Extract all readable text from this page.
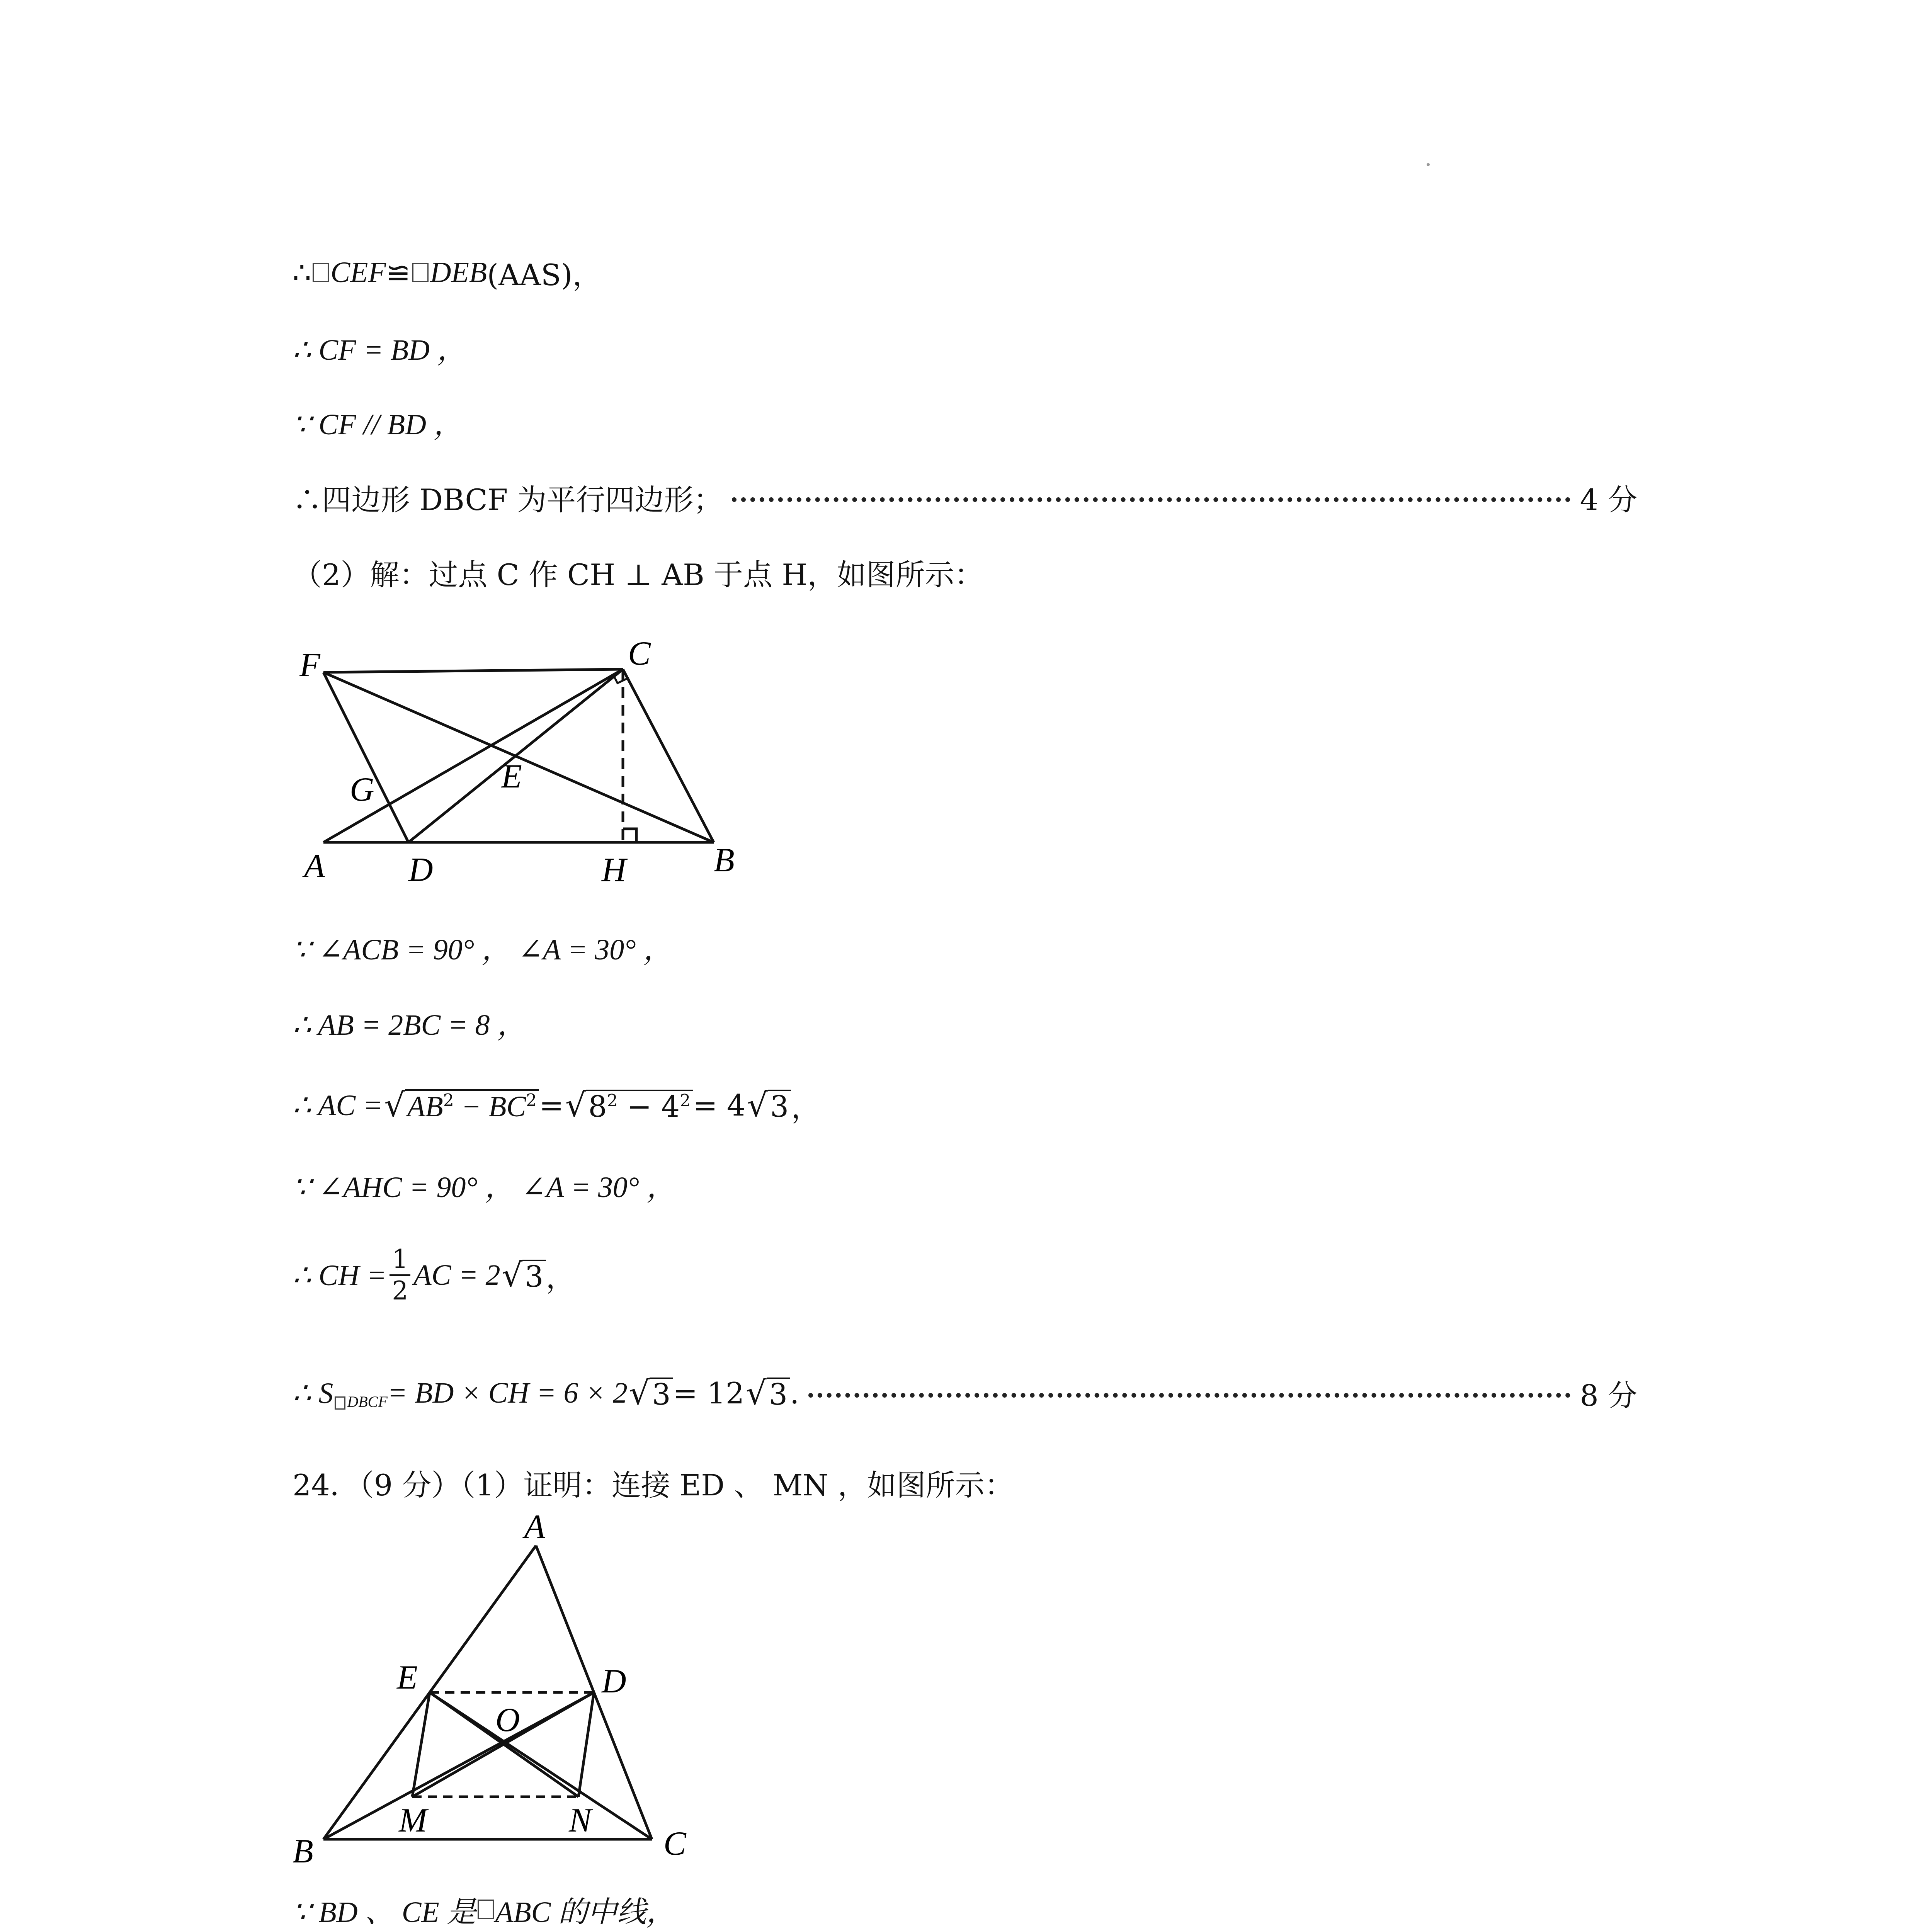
∴ CEF ≌ DEB (AAS)，
∴ CF = BD ，
∵ CF // BD ，
∴四边形 DBCF 为平行四边形；	4 分
（2）解：过点 C 作 CH ⊥ AB 于点 H，如图所示：
F	C
G	E
A D	H	B
∵ ∠ACB = 90° ， ∠A = 30° ，
∴ AB = 2BC = 8 ，
∴ AC = √ $AB^2 - BC^2$ = √ $8^2 - 4^2 = 4$ √ 3 ，
∵ ∠AHC = 90° ， ∠A = 30° ，
∴ CH = $\frac{1}{2}$ AC = 2 √ 3 ，
∴ S DBCF = BD × CH = 6 × 2 √ 3 = 12 √ 3 .	8 分
24．（9 分）（1）证明：连接 ED 、 MN ，如图所示：
A
E	D
O
M	N
B	C
∵ BD 、 CE 是 ABC 的中线，
